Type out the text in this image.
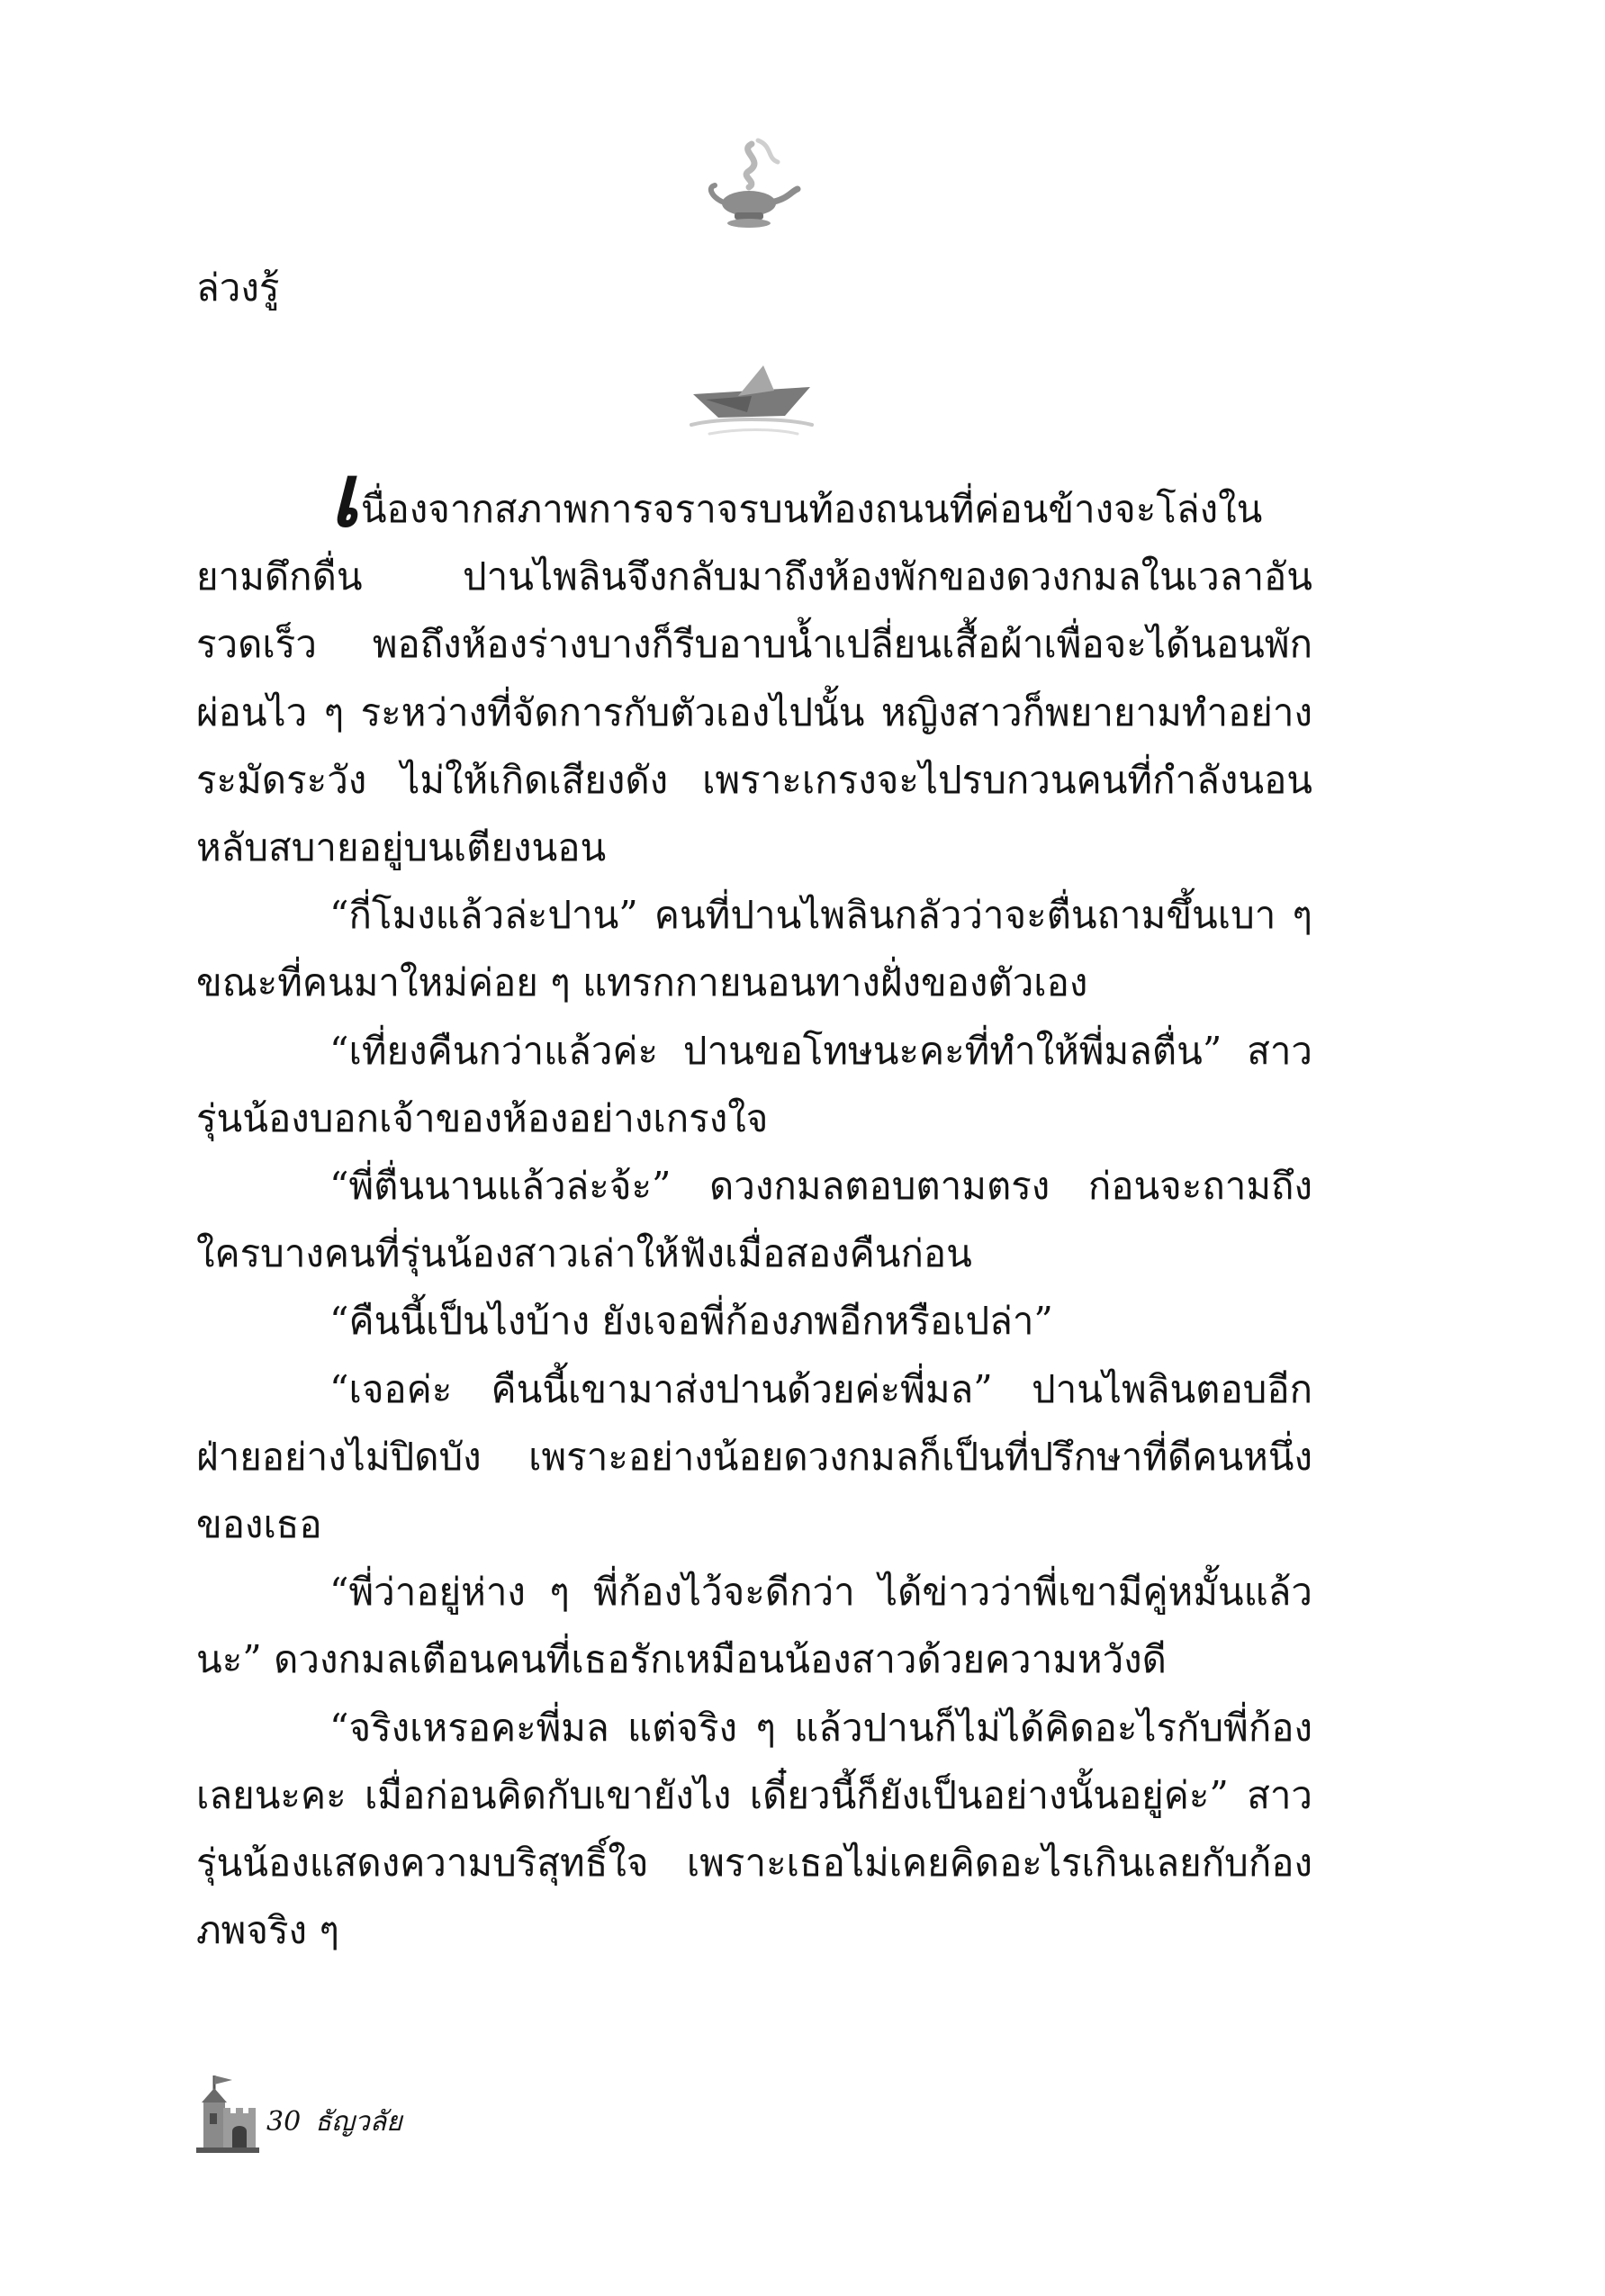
ล่วงรู้

เนื่องจากสภาพการจราจรบนท้องถนนที่ค่อนข้างจะโล่งในยามดึกดื่น ปานไพลินจึงกลับมาถึงห้องพักของดวงกมลในเวลาอันรวดเร็ว พอถึงห้องร่างบางก็รีบอาบน้ำเปลี่ยนเสื้อผ้าเพื่อจะได้นอนพักผ่อนไว ๆ ระหว่างที่จัดการกับตัวเองไปนั้น หญิงสาวก็พยายามทำอย่างระมัดระวัง ไม่ให้เกิดเสียงดัง เพราะเกรงจะไปรบกวนคนที่กำลังนอนหลับสบายอยู่บนเตียงนอน

“กี่โมงแล้วล่ะปาน” คนที่ปานไพลินกลัวว่าจะตื่นถามขึ้นเบา ๆ ขณะที่คนมาใหม่ค่อย ๆ แทรกกายนอนทางฝั่งของตัวเอง

“เที่ยงคืนกว่าแล้วค่ะ ปานขอโทษนะคะที่ทำให้พี่มลตื่น” สาวรุ่นน้องบอกเจ้าของห้องอย่างเกรงใจ

“พี่ตื่นนานแล้วล่ะจ้ะ” ดวงกมลตอบตามตรง ก่อนจะถามถึงใครบางคนที่รุ่นน้องสาวเล่าให้ฟังเมื่อสองคืนก่อน

“คืนนี้เป็นไงบ้าง ยังเจอพี่ก้องภพอีกหรือเปล่า”

“เจอค่ะ คืนนี้เขามาส่งปานด้วยค่ะพี่มล” ปานไพลินตอบอีกฝ่ายอย่างไม่ปิดบัง เพราะอย่างน้อยดวงกมลก็เป็นที่ปรึกษาที่ดีคนหนึ่งของเธอ

“พี่ว่าอยู่ห่าง ๆ พี่ก้องไว้จะดีกว่า ได้ข่าวว่าพี่เขามีคู่หมั้นแล้วนะ” ดวงกมลเตือนคนที่เธอรักเหมือนน้องสาวด้วยความหวังดี

“จริงเหรอคะพี่มล แต่จริง ๆ แล้วปานก็ไม่ได้คิดอะไรกับพี่ก้องเลยนะคะ เมื่อก่อนคิดกับเขายังไง เดี๋ยวนี้ก็ยังเป็นอย่างนั้นอยู่ค่ะ” สาวรุ่นน้องแสดงความบริสุทธิ์ใจ เพราะเธอไม่เคยคิดอะไรเกินเลยกับก้องภพจริง ๆ

30 ธัญวลัย
